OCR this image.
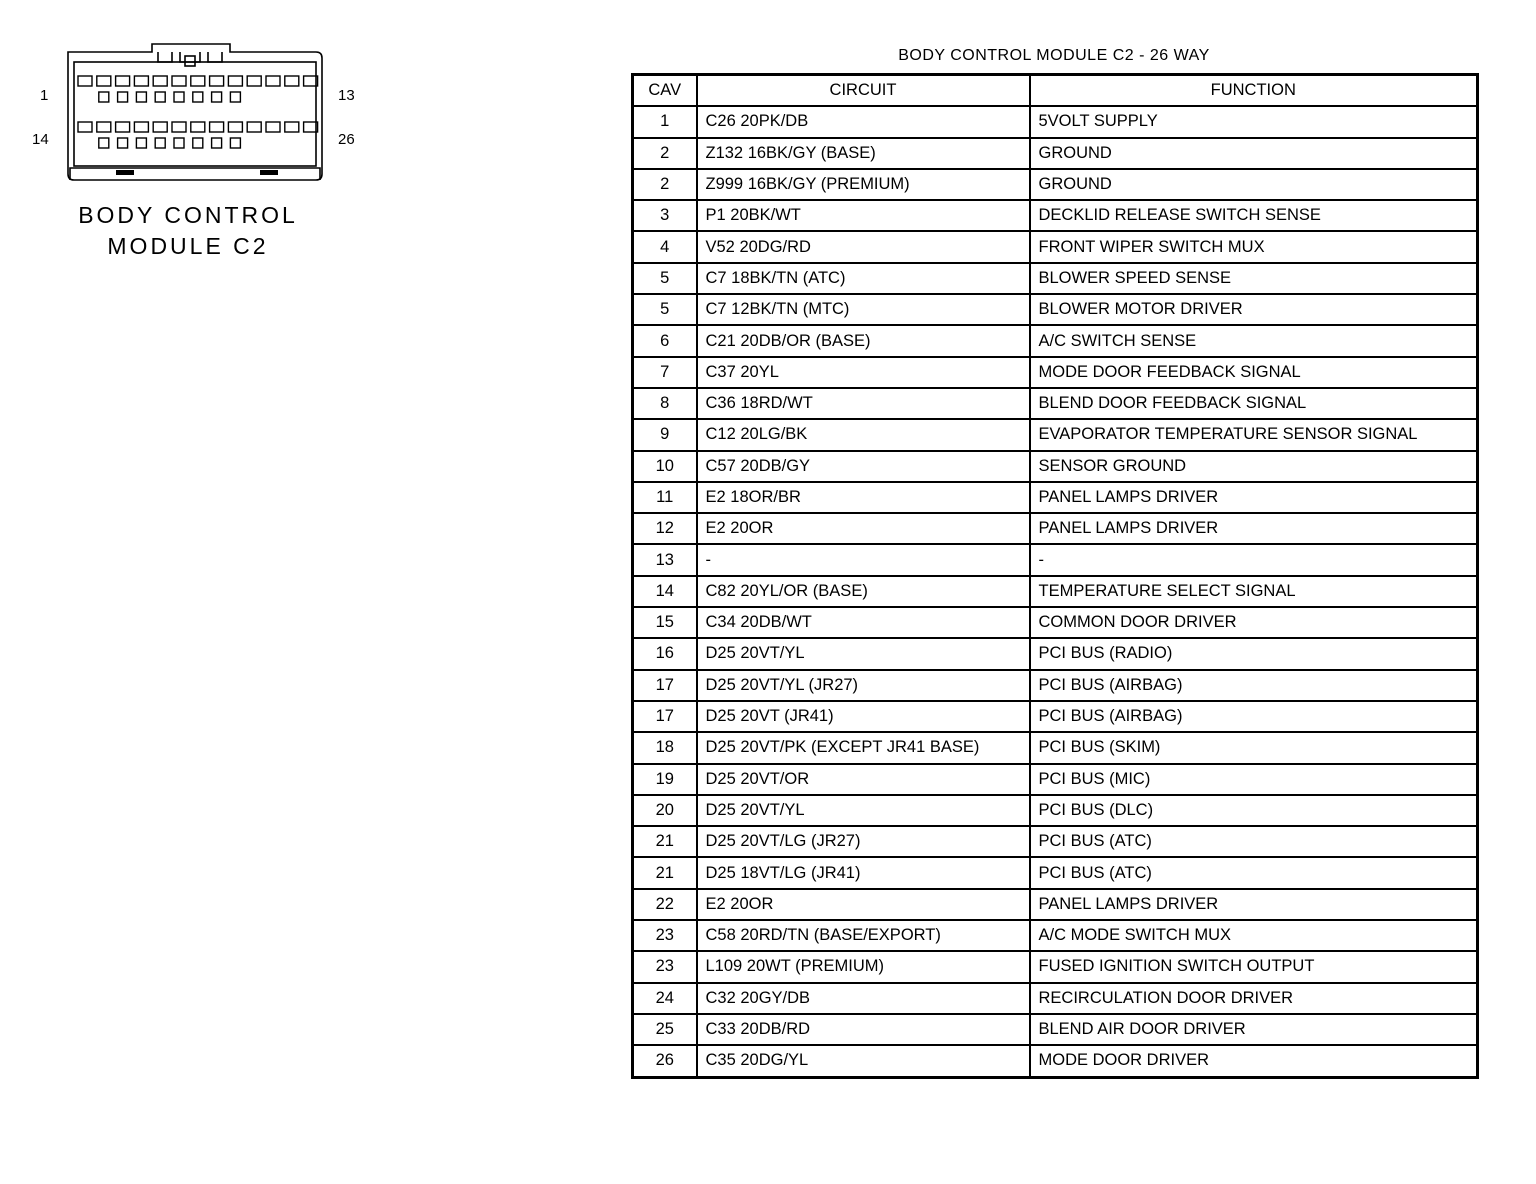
1	13
14	26
BODY CONTROL
MODULE C2
BODY CONTROL MODULE C2 - 26 WAY
CAV	CIRCUIT	FUNCTION
1	C26 20PK/DB	5VOLT SUPPLY
2	Z132 16BK/GY (BASE)	GROUND
2	Z999 16BK/GY (PREMIUM)	GROUND
3	P1 20BK/WT	DECKLID RELEASE SWITCH SENSE
4	V52 20DG/RD	FRONT WIPER SWITCH MUX
5	C7 18BK/TN (ATC)	BLOWER SPEED SENSE
5	C7 12BK/TN (MTC)	BLOWER MOTOR DRIVER
6	C21 20DB/OR (BASE)	A/C SWITCH SENSE
7	C37 20YL	MODE DOOR FEEDBACK SIGNAL
8	C36 18RD/WT	BLEND DOOR FEEDBACK SIGNAL
9	C12 20LG/BK	EVAPORATOR TEMPERATURE SENSOR SIGNAL
10	C57 20DB/GY	SENSOR GROUND
11	E2 18OR/BR	PANEL LAMPS DRIVER
12	E2 20OR	PANEL LAMPS DRIVER
13	-	-
14	C82 20YL/OR (BASE)	TEMPERATURE SELECT SIGNAL
15	C34 20DB/WT	COMMON DOOR DRIVER
16	D25 20VT/YL	PCI BUS (RADIO)
17	D25 20VT/YL (JR27)	PCI BUS (AIRBAG)
17	D25 20VT (JR41)	PCI BUS (AIRBAG)
18	D25 20VT/PK (EXCEPT JR41 BASE)	PCI BUS (SKIM)
19	D25 20VT/OR	PCI BUS (MIC)
20	D25 20VT/YL	PCI BUS (DLC)
21	D25 20VT/LG (JR27)	PCI BUS (ATC)
21	D25 18VT/LG (JR41)	PCI BUS (ATC)
22	E2 20OR	PANEL LAMPS DRIVER
23	C58 20RD/TN (BASE/EXPORT)	A/C MODE SWITCH MUX
23	L109 20WT (PREMIUM)	FUSED IGNITION SWITCH OUTPUT
24	C32 20GY/DB	RECIRCULATION DOOR DRIVER
25	C33 20DB/RD	BLEND AIR DOOR DRIVER
26	C35 20DG/YL	MODE DOOR DRIVER
